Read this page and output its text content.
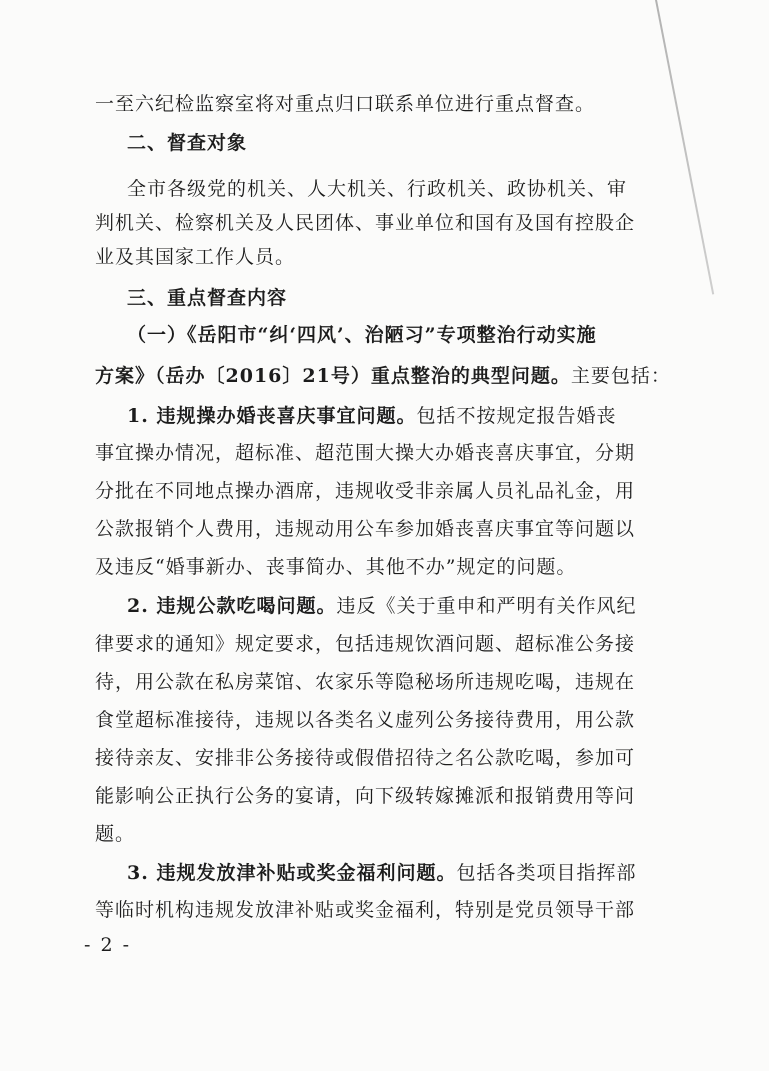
一至六纪检监察室将对重点归口联系单位进行重点督查。
二、督查对象
全市各级党的机关、人大机关、行政机关、政协机关、审
判机关、检察机关及人民团体、事业单位和国有及国有控股企
业及其国家工作人员。
三、重点督查内容
（一）《岳阳市“纠‘四风’、治陋习”专项整治行动实施
方案》（岳办〔2016〕21号）重点整治的典型问题。主要包括：
1. 违规操办婚丧喜庆事宜问题。包括不按规定报告婚丧
事宜操办情况，超标准、超范围大操大办婚丧喜庆事宜，分期
分批在不同地点操办酒席，违规收受非亲属人员礼品礼金，用
公款报销个人费用，违规动用公车参加婚丧喜庆事宜等问题以
及违反“婚事新办、丧事简办、其他不办”规定的问题。
2. 违规公款吃喝问题。违反《关于重申和严明有关作风纪
律要求的通知》规定要求，包括违规饮酒问题、超标准公务接
待，用公款在私房菜馆、农家乐等隐秘场所违规吃喝，违规在
食堂超标准接待，违规以各类名义虚列公务接待费用，用公款
接待亲友、安排非公务接待或假借招待之名公款吃喝，参加可
能影响公正执行公务的宴请，向下级转嫁摊派和报销费用等问
题。
3. 违规发放津补贴或奖金福利问题。包括各类项目指挥部
等临时机构违规发放津补贴或奖金福利，特别是党员领导干部
- 2 -
